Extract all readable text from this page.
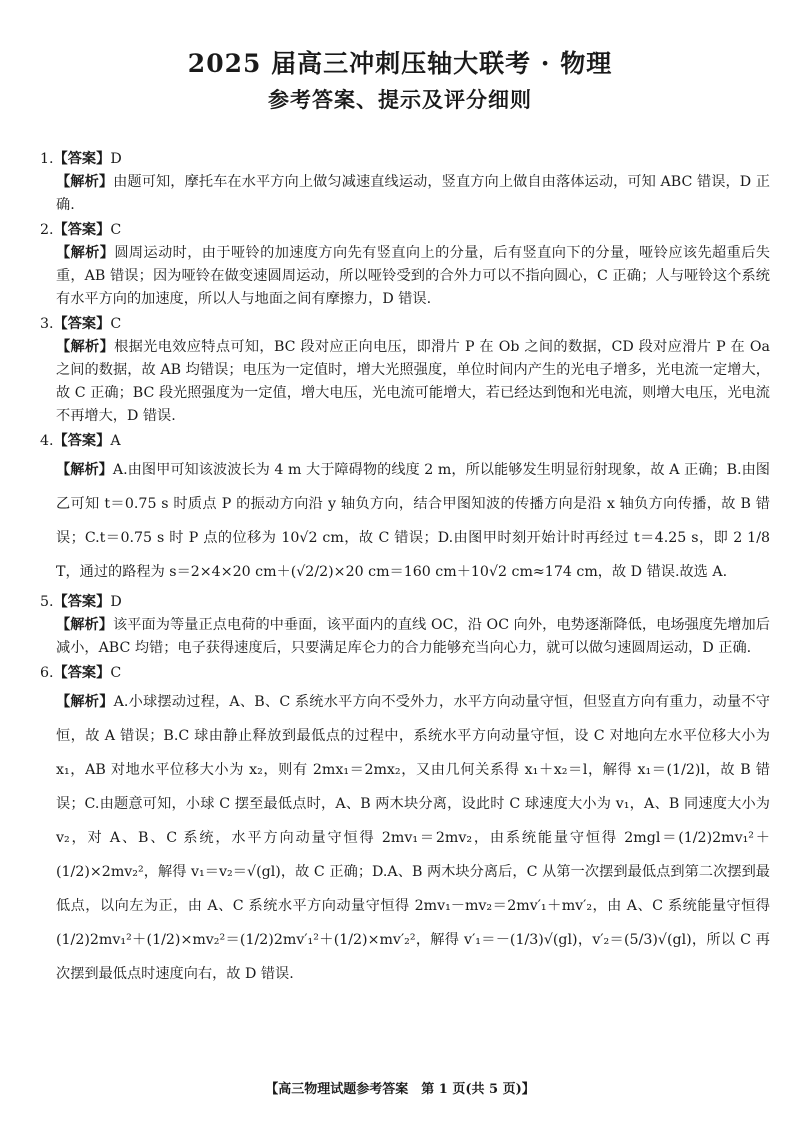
2025 届高三冲刺压轴大联考 · 物理
参考答案、提示及评分细则

1.【答案】D

【解析】由题可知，摩托车在水平方向上做匀减速直线运动，竖直方向上做自由落体运动，可知 ABC 错误，D 正确.

2.【答案】C

【解析】圆周运动时，由于哑铃的加速度方向先有竖直向上的分量，后有竖直向下的分量，哑铃应该先超重后失重，AB 错误；因为哑铃在做变速圆周运动，所以哑铃受到的合外力可以不指向圆心，C 正确；人与哑铃这个系统有水平方向的加速度，所以人与地面之间有摩擦力，D 错误.

3.【答案】C

【解析】根据光电效应特点可知，BC 段对应正向电压，即滑片 P 在 Ob 之间的数据，CD 段对应滑片 P 在 Oa 之间的数据，故 AB 均错误；电压为一定值时，增大光照强度，单位时间内产生的光电子增多，光电流一定增大，故 C 正确；BC 段光照强度为一定值，增大电压，光电流可能增大，若已经达到饱和光电流，则增大电压，光电流不再增大，D 错误.

4.【答案】A

【解析】A.由图甲可知该波波长为 4 m 大于障碍物的线度 2 m，所以能够发生明显衍射现象，故 A 正确；B.由图乙可知 t＝0.75 s 时质点 P 的振动方向沿 y 轴负方向，结合甲图知波的传播方向是沿 x 轴负方向传播，故 B 错误；C.t＝0.75 s 时 P 点的位移为 10√2 cm，故 C 错误；D.由图甲时刻开始计时再经过 t＝4.25 s，即 2 1/8 T，通过的路程为 s＝2×4×20 cm＋(√2/2)×20 cm＝160 cm＋10√2 cm≈174 cm，故 D 错误.故选 A.

5.【答案】D

【解析】该平面为等量正点电荷的中垂面，该平面内的直线 OC，沿 OC 向外，电势逐渐降低，电场强度先增加后减小，ABC 均错；电子获得速度后，只要满足库仑力的合力能够充当向心力，就可以做匀速圆周运动，D 正确.

6.【答案】C

【解析】A.小球摆动过程，A、B、C 系统水平方向不受外力，水平方向动量守恒，但竖直方向有重力，动量不守恒，故 A 错误；B.C 球由静止释放到最低点的过程中，系统水平方向动量守恒，设 C 对地向左水平位移大小为 x₁，AB 对地水平位移大小为 x₂，则有 2mx₁＝2mx₂，又由几何关系得 x₁＋x₂＝l，解得 x₁＝(1/2)l，故 B 错误；C.由题意可知，小球 C 摆至最低点时，A、B 两木块分离，设此时 C 球速度大小为 v₁，A、B 同速度大小为 v₂，对 A、B、C 系统，水平方向动量守恒得 2mv₁＝2mv₂，由系统能量守恒得 2mgl＝(1/2)2mv₁²＋(1/2)×2mv₂²，解得 v₁＝v₂＝√(gl)，故 C 正确；D.A、B 两木块分离后，C 从第一次摆到最低点到第二次摆到最低点，以向左为正，由 A、C 系统水平方向动量守恒得 2mv₁－mv₂＝2mv′₁＋mv′₂，由 A、C 系统能量守恒得 (1/2)2mv₁²＋(1/2)×mv₂²＝(1/2)2mv′₁²＋(1/2)×mv′₂²，解得 v′₁＝－(1/3)√(gl)，v′₂＝(5/3)√(gl)，所以 C 再次摆到最低点时速度向右，故 D 错误.

【高三物理试题参考答案　第 1 页(共 5 页)】
